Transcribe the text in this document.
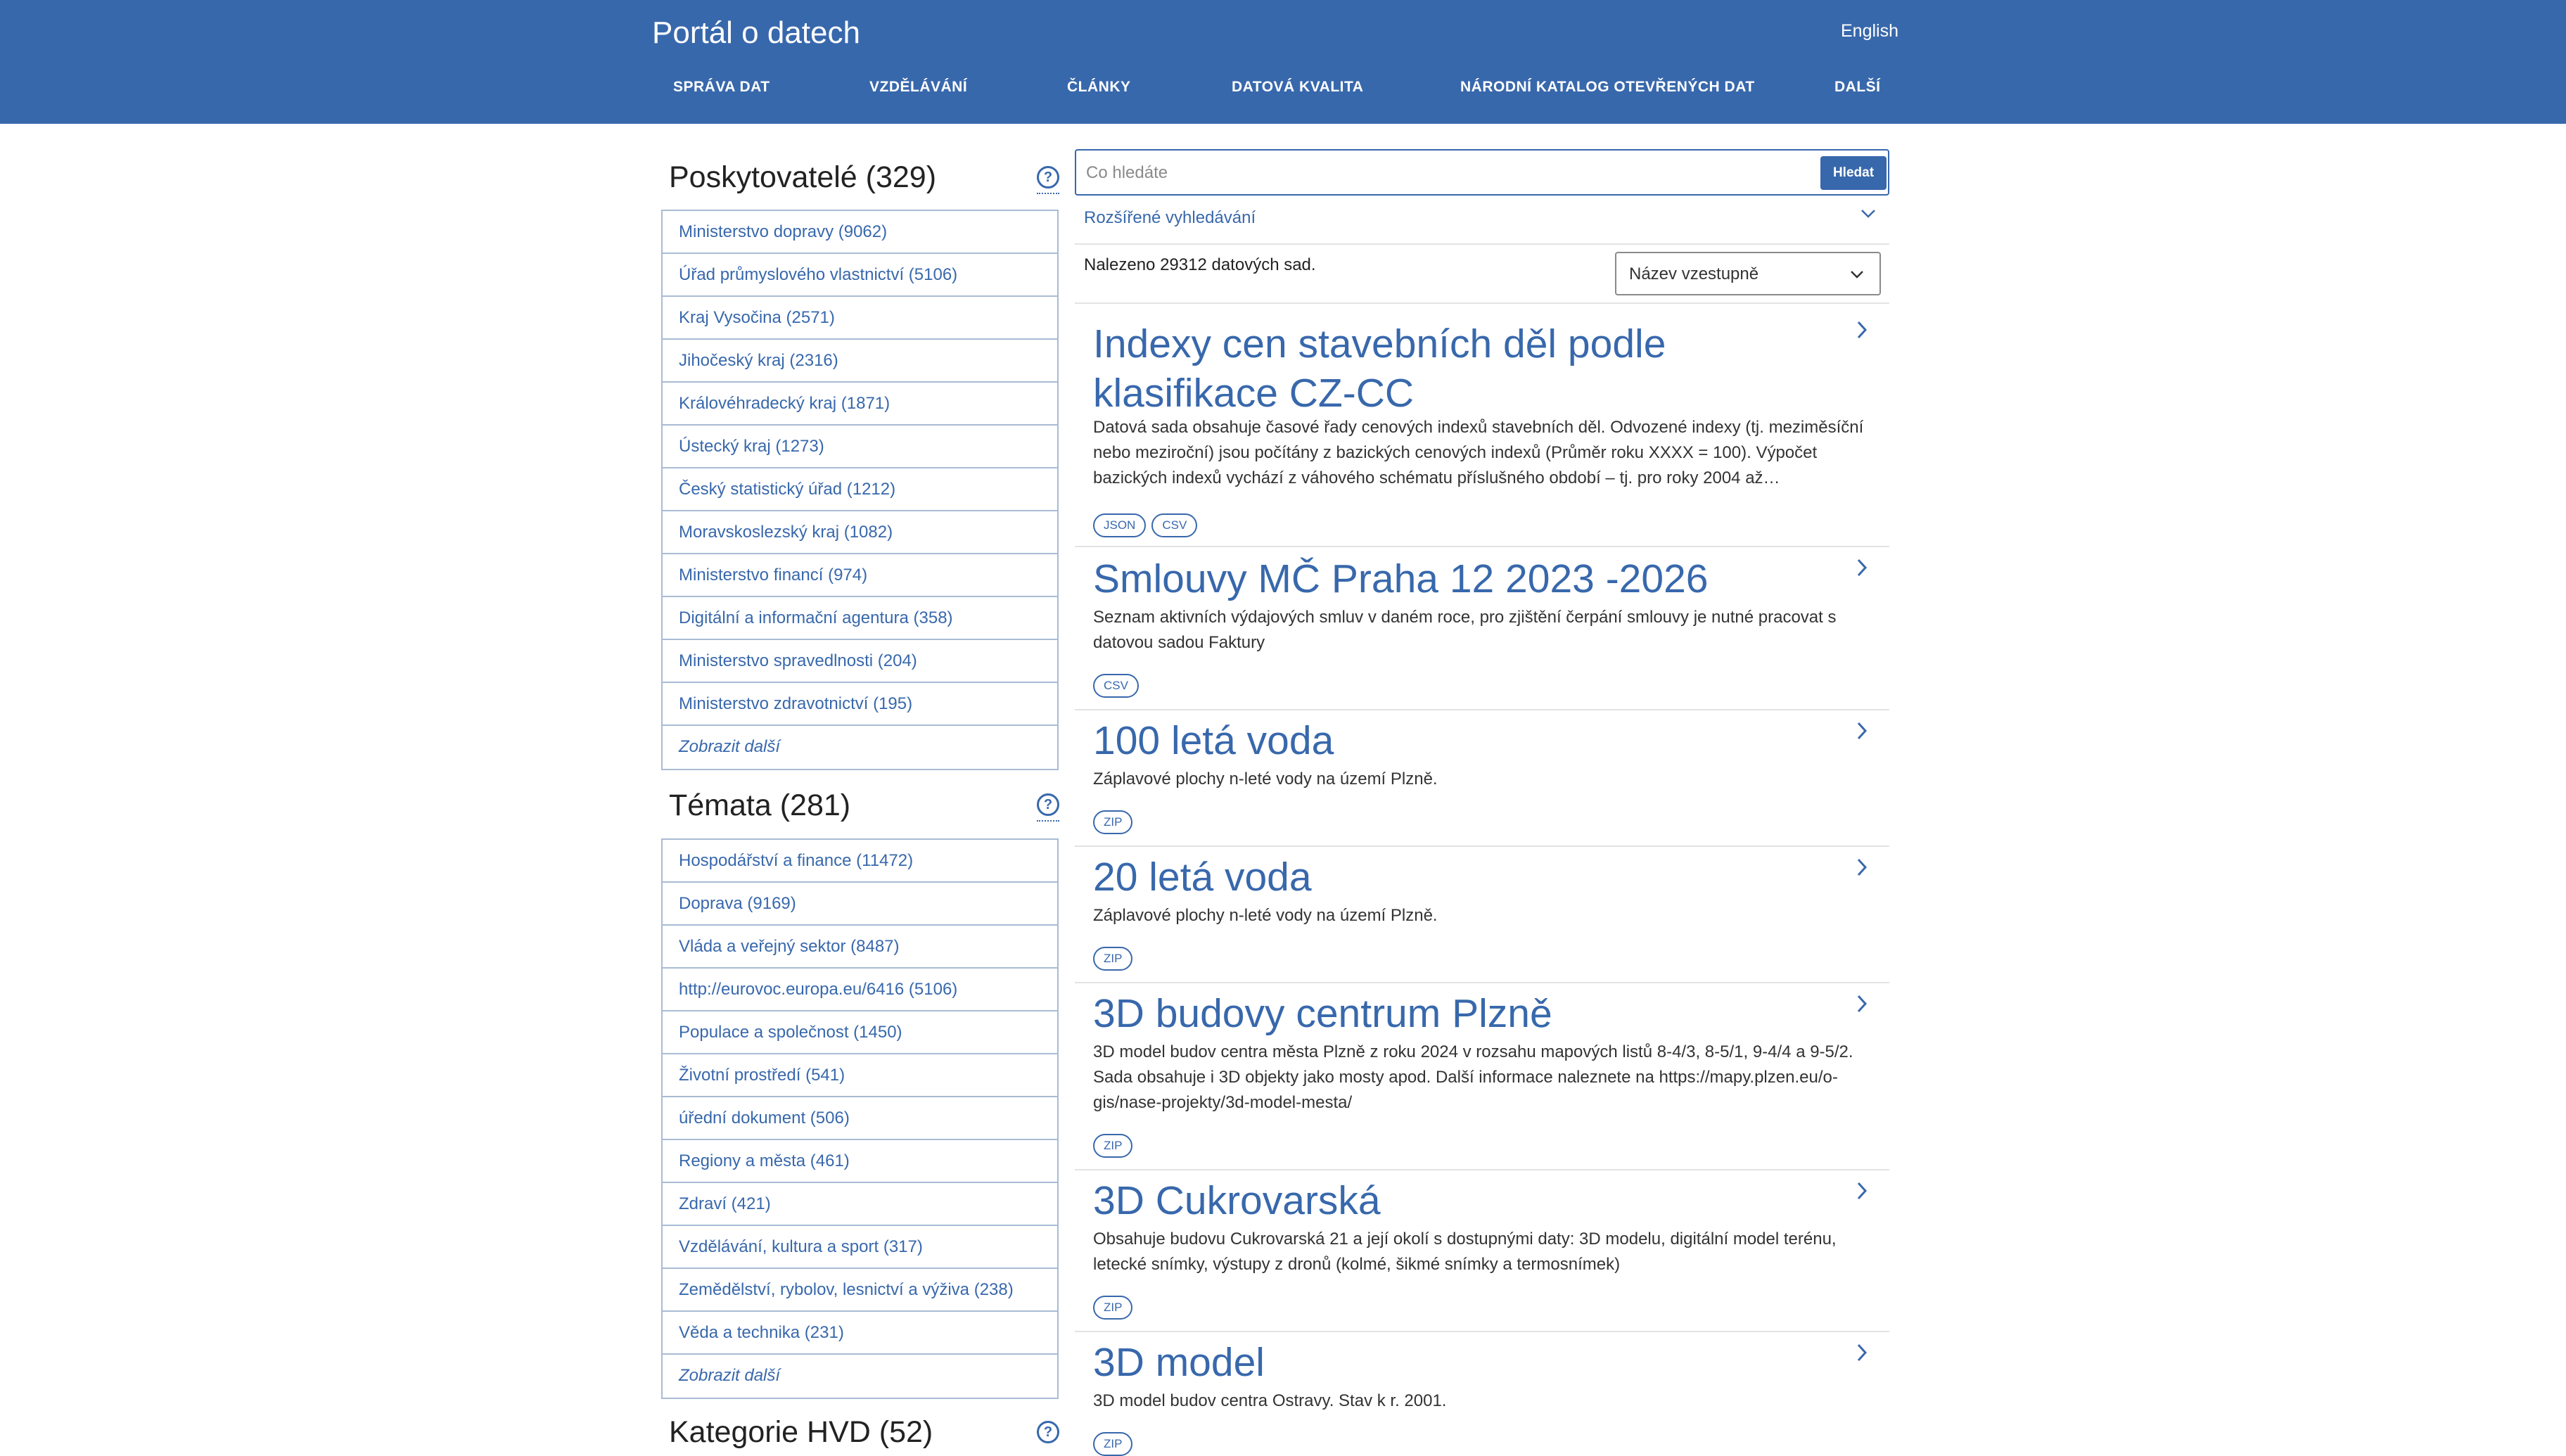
Portál o datech	English
SPRÁVA DAT	VZDĚLÁVÁNÍ	ČLÁNKY	DATOVÁ KVALITA	NÁRODNÍ KATALOG OTEVŘENÝCH DAT	DALŠÍ
Poskytovatelé (329)	?
Ministerstvo dopravy (9062)
Úřad průmyslového vlastnictví (5106)
Kraj Vysočina (2571)
Jihočeský kraj (2316)
Královéhradecký kraj (1871)
Ústecký kraj (1273)
Český statistický úřad (1212)
Moravskoslezský kraj (1082)
Ministerstvo financí (974)
Digitální a informační agentura (358)
Ministerstvo spravedlnosti (204)
Ministerstvo zdravotnictví (195)
Zobrazit další
Témata (281)	?
Hospodářství a finance (11472)
Doprava (9169)
Vláda a veřejný sektor (8487)
http://eurovoc.europa.eu/6416 (5106)
Populace a společnost (1450)
Životní prostředí (541)
úřední dokument (506)
Regiony a města (461)
Zdraví (421)
Vzdělávání, kultura a sport (317)
Zemědělství, rybolov, lesnictví a výživa (238)
Věda a technika (231)
Zobrazit další
Kategorie HVD (52)	?
Co hledáte
Hledat
Rozšířené vyhledávání
Nalezeno 29312 datových sad.	Název vzestupně
Indexy cen stavebních děl podle klasifikace CZ-CC
Datová sada obsahuje časové řady cenových indexů stavebních děl. Odvozené indexy (tj. meziměsíční nebo meziroční) jsou počítány z bazických cenových indexů (Průměr roku XXXX = 100). Výpočet bazických indexů vychází z váhového schématu příslušného období – tj. pro roky 2004 až…
JSON CSV
Smlouvy MČ Praha 12 2023 -2026
Seznam aktivních výdajových smluv v daném roce, pro zjištění čerpání smlouvy je nutné pracovat s datovou sadou Faktury
CSV
100 letá voda
Záplavové plochy n-leté vody na území Plzně.
ZIP
20 letá voda
Záplavové plochy n-leté vody na území Plzně.
ZIP
3D budovy centrum Plzně
3D model budov centra města Plzně z roku 2024 v rozsahu mapových listů 8-4/3, 8-5/1, 9-4/4 a 9-5/2. Sada obsahuje i 3D objekty jako mosty apod. Další informace naleznete na https://mapy.plzen.eu/o-gis/nase-projekty/3d-model-mesta/
ZIP
3D Cukrovarská
Obsahuje budovu Cukrovarská 21 a její okolí s dostupnými daty: 3D modelu, digitální model terénu, letecké snímky, výstupy z dronů (kolmé, šikmé snímky a termosnímek)
ZIP
3D model
3D model budov centra Ostravy. Stav k r. 2001.
ZIP
